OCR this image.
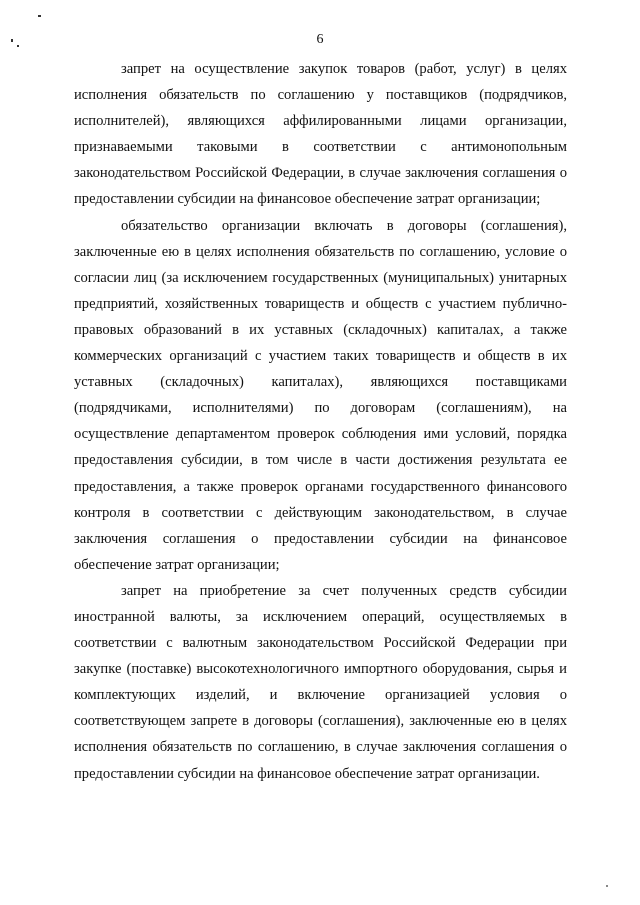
6

запрет на осуществление закупок товаров (работ, услуг) в целях исполнения обязательств по соглашению у поставщиков (подрядчиков, исполнителей), являющихся аффилированными лицами организации, признаваемыми таковыми в соответствии с антимонопольным законодательством Российской Федерации, в случае заключения соглашения о предоставлении субсидии на финансовое обеспечение затрат организации;

обязательство организации включать в договоры (соглашения), заключенные ею в целях исполнения обязательств по соглашению, условие о согласии лиц (за исключением государственных (муниципальных) унитарных предприятий, хозяйственных товариществ и обществ с участием публично-правовых образований в их уставных (складочных) капиталах, а также коммерческих организаций с участием таких товариществ и обществ в их уставных (складочных) капиталах), являющихся поставщиками (подрядчиками, исполнителями) по договорам (соглашениям), на осуществление департаментом проверок соблюдения ими условий, порядка предоставления субсидии, в том числе в части достижения результата ее предоставления, а также проверок органами государственного финансового контроля в соответствии с действующим законодательством, в случае заключения соглашения о предоставлении субсидии на финансовое обеспечение затрат организации;

запрет на приобретение за счет полученных средств субсидии иностранной валюты, за исключением операций, осуществляемых в соответствии с валютным законодательством Российской Федерации при закупке (поставке) высокотехнологичного импортного оборудования, сырья и комплектующих изделий, и включение организацией условия о соответствующем запрете в договоры (соглашения), заключенные ею в целях исполнения обязательств по соглашению, в случае заключения соглашения о предоставлении субсидии на финансовое обеспечение затрат организации.
